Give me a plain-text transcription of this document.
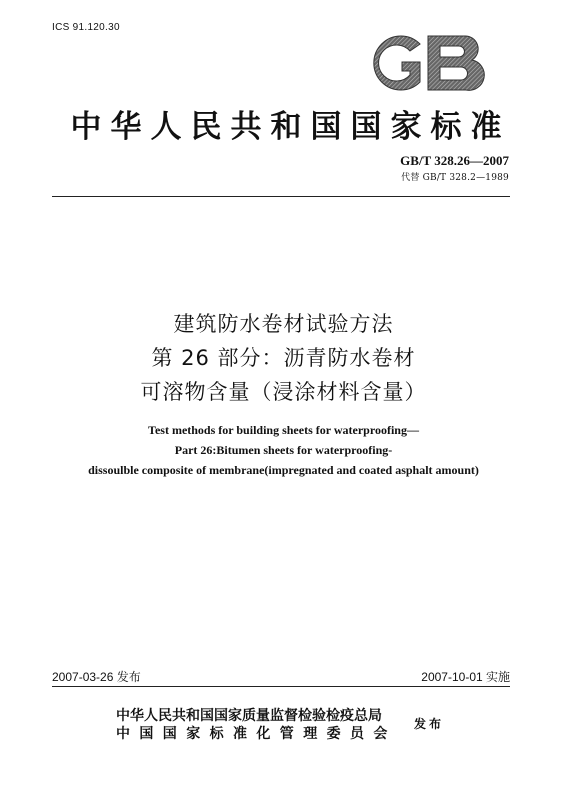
ICS 91.120.30
中华人民共和国国家标准
GB/T 328.26—2007
代替 GB/T 328.2—1989
建筑防水卷材试验方法
第 26 部分：沥青防水卷材
可溶物含量（浸涂材料含量）
Test methods for building sheets for waterproofing—
Part 26:Bitumen sheets for waterproofing-
dissoulble composite of membrane(impregnated and coated asphalt amount)
2007-03-26 发布	2007-10-01 实施
中华人民共和国国家质量监督检验检疫总局
中国国家标准化管理委员会
发布
